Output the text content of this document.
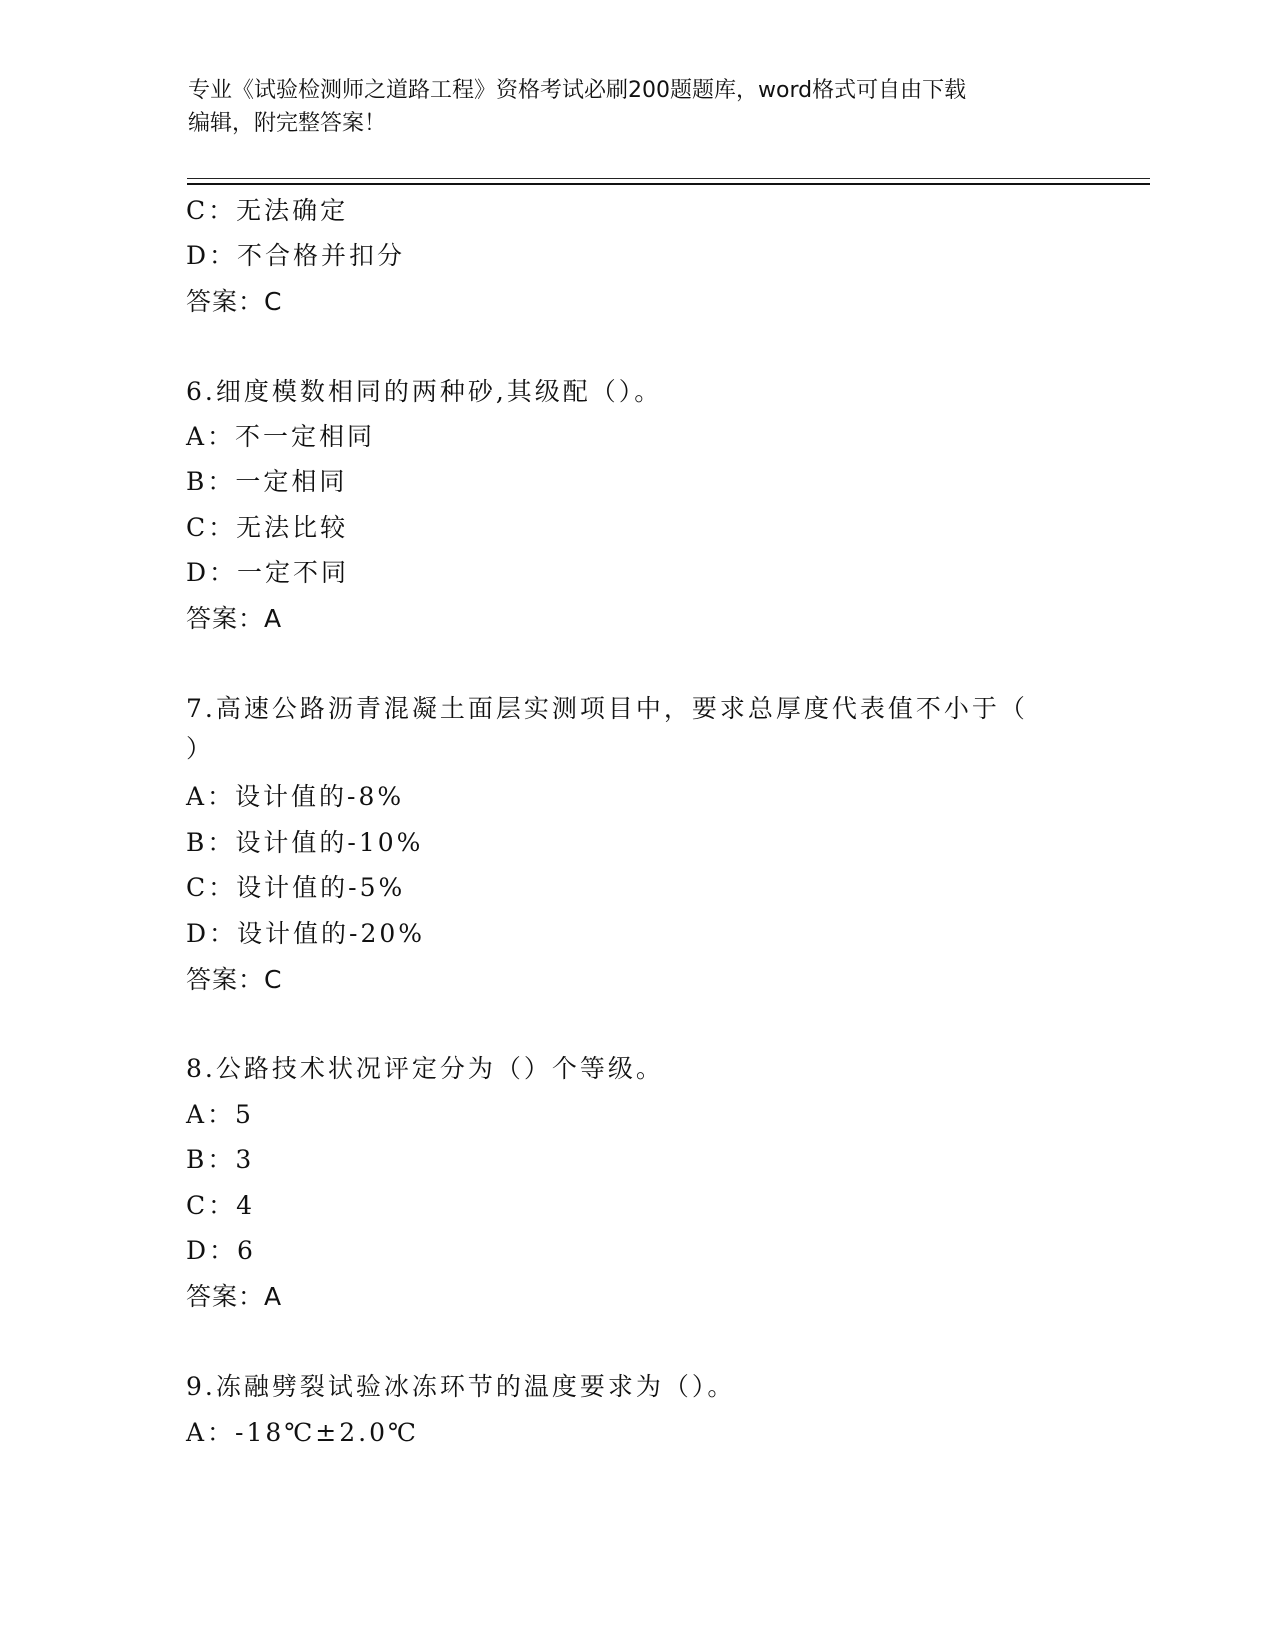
专业《试验检测师之道路工程》资格考试必刷200题题库，word格式可自由下载
编辑，附完整答案！
C：无法确定
D：不合格并扣分
答案：C
6.细度模数相同的两种砂,其级配（）。
A：不一定相同
B：一定相同
C：无法比较
D：一定不同
答案：A
7.高速公路沥青混凝土面层实测项目中，要求总厚度代表值不小于（
）
A：设计值的-8%
B：设计值的-10%
C：设计值的-5%
D：设计值的-20%
答案：C
8.公路技术状况评定分为（）个等级。
A：5
B：3
C：4
D：6
答案：A
9.冻融劈裂试验冰冻环节的温度要求为（）。
A：-18℃±2.0℃
